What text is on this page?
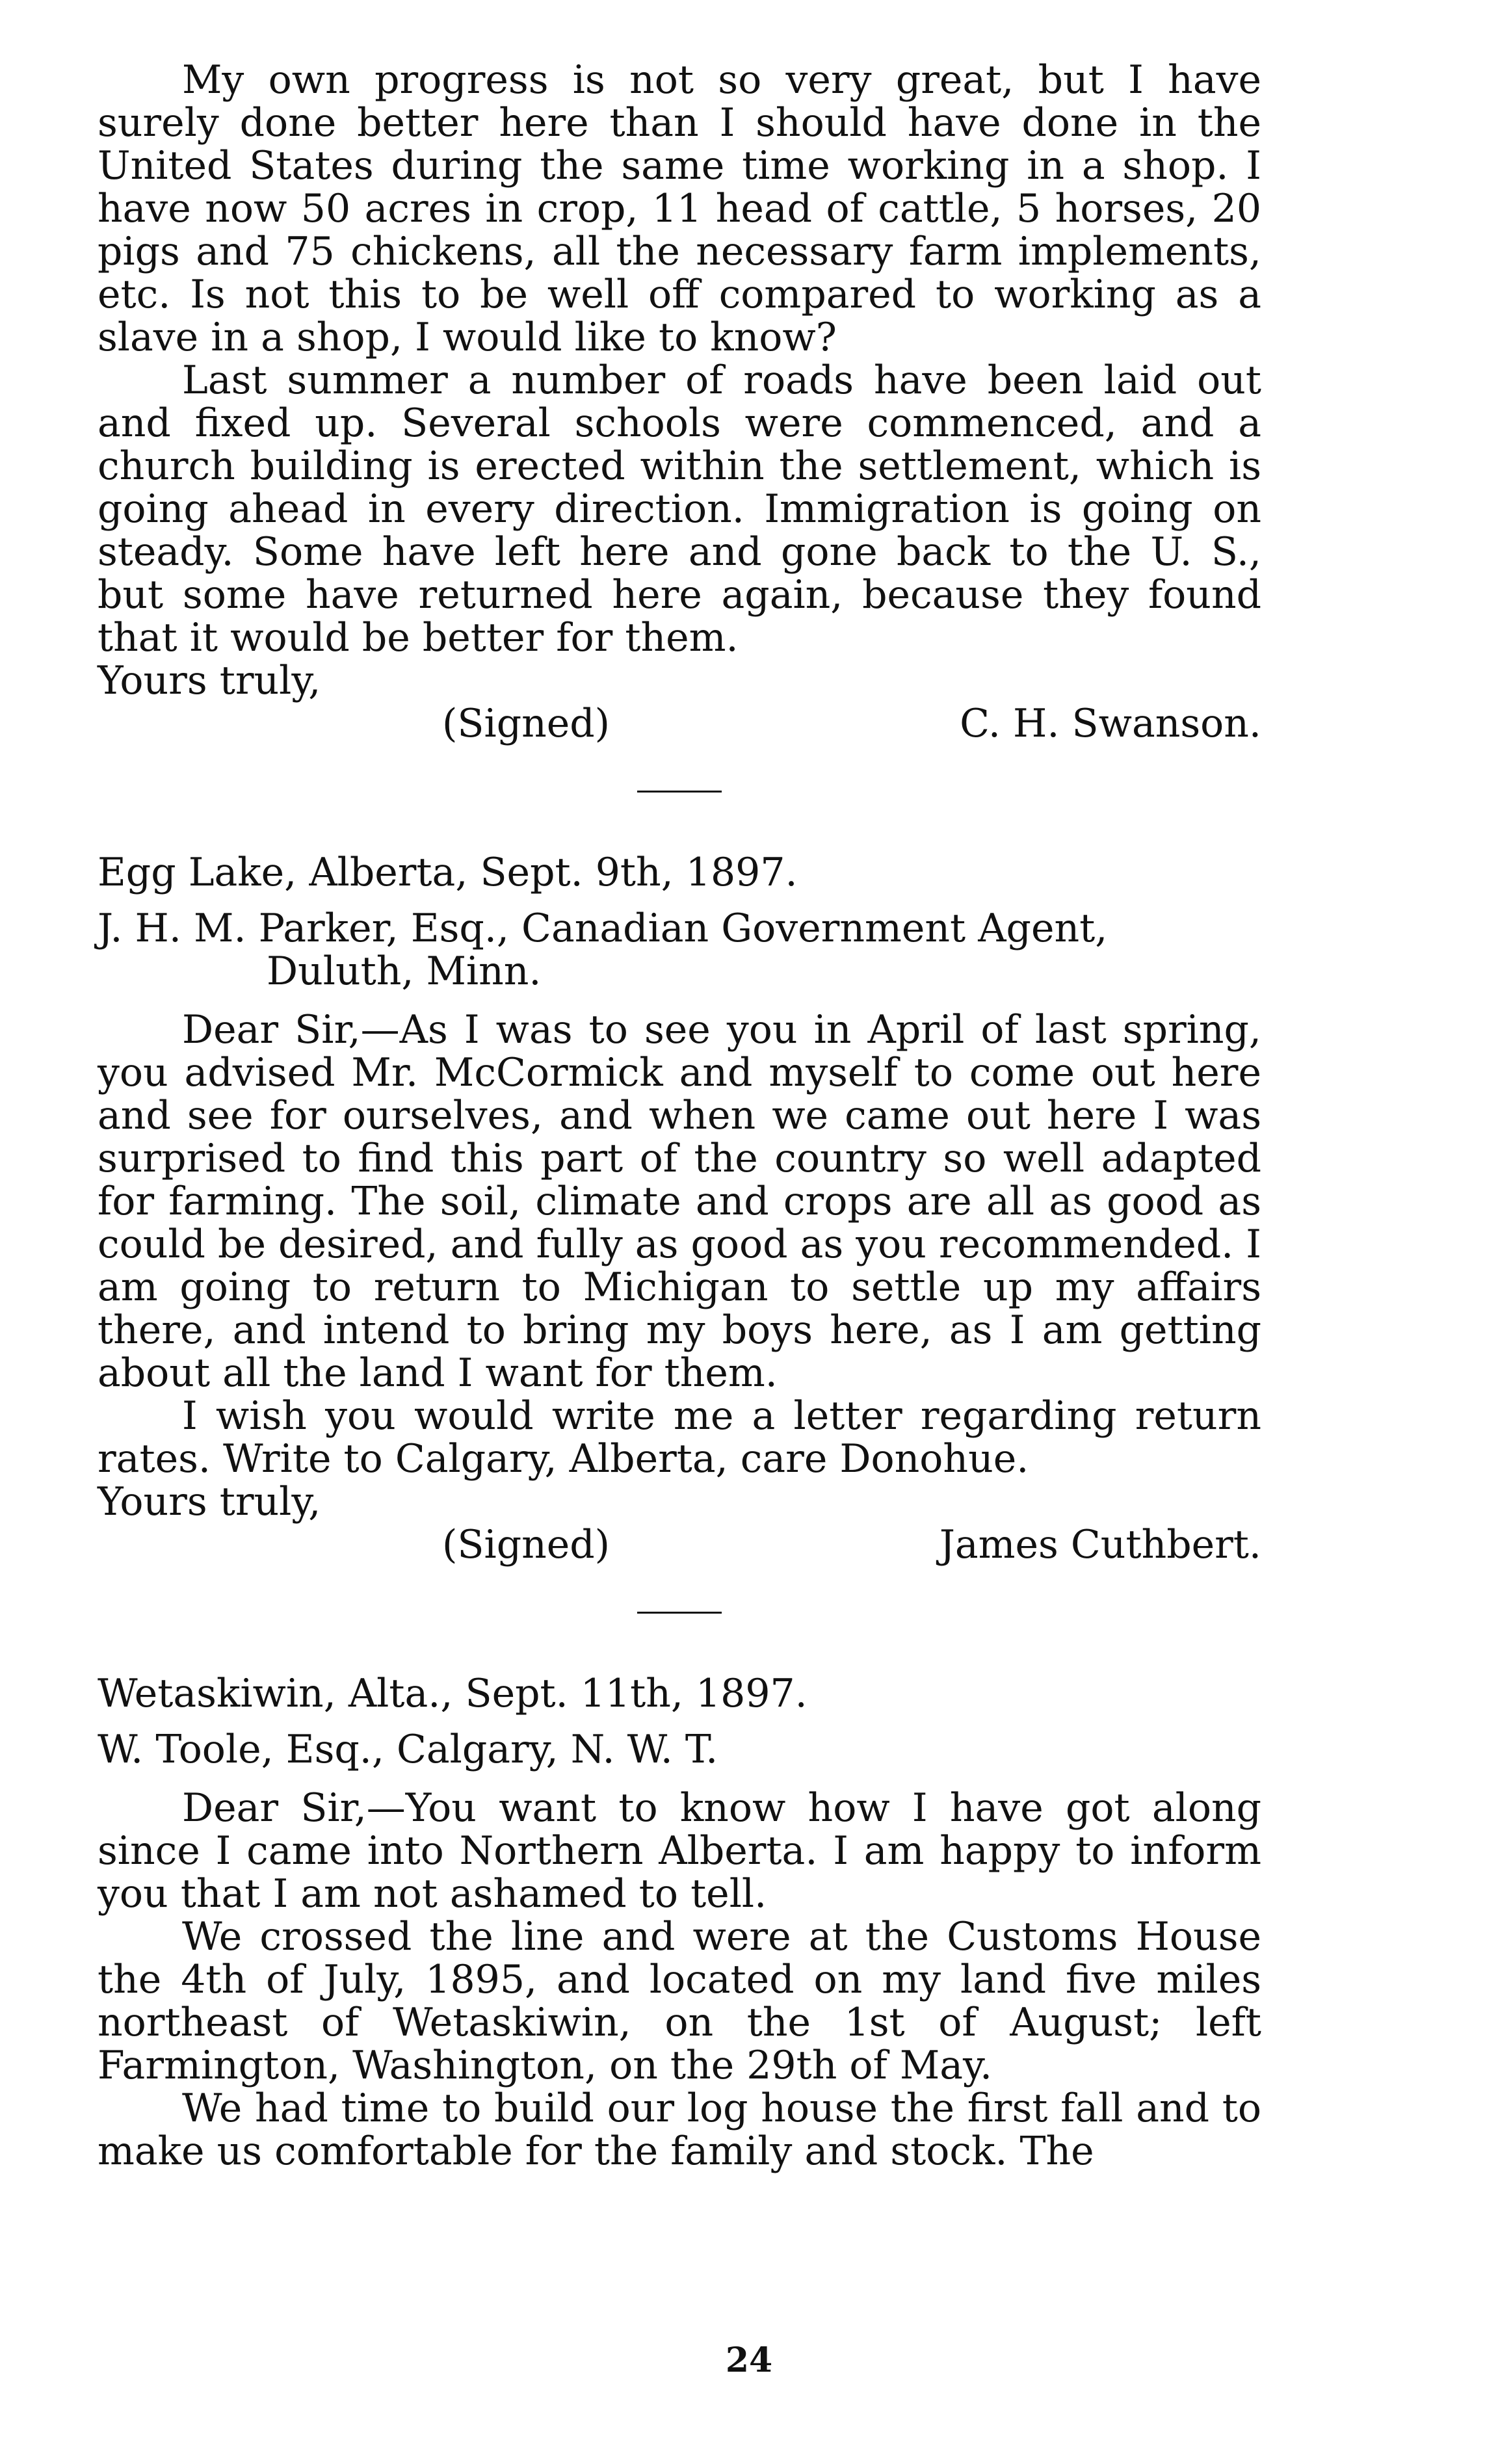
My own progress is not so very great, but I have surely done better here than I should have done in the United States during the same time working in a shop. I have now 50 acres in crop, 11 head of cattle, 5 horses, 20 pigs and 75 chickens, all the necessary farm implements, etc. Is not this to be well off compared to working as a slave in a shop, I would like to know?

Last summer a number of roads have been laid out and fixed up. Several schools were commenced, and a church building is erected within the settlement, which is going ahead in every direction. Immigration is going on steady. Some have left here and gone back to the U. S., but some have returned here again, because they found that it would be better for them.

Yours truly,

(Signed)	C. H. Swanson.

Egg Lake, Alberta, Sept. 9th, 1897.

J. H. M. Parker, Esq., Canadian Government Agent,

Duluth, Minn.

Dear Sir,—As I was to see you in April of last spring, you advised Mr. McCormick and myself to come out here and see for ourselves, and when we came out here I was surprised to find this part of the country so well adapted for farming. The soil, climate and crops are all as good as could be desired, and fully as good as you recommended. I am going to return to Michigan to settle up my affairs there, and intend to bring my boys here, as I am getting about all the land I want for them.

I wish you would write me a letter regarding return rates. Write to Calgary, Alberta, care Donohue.

Yours truly,

(Signed)	James Cuthbert.

Wetaskiwin, Alta., Sept. 11th, 1897.

W. Toole, Esq., Calgary, N. W. T.

Dear Sir,—You want to know how I have got along since I came into Northern Alberta. I am happy to inform you that I am not ashamed to tell.

We crossed the line and were at the Customs House the 4th of July, 1895, and located on my land five miles northeast of Wetaskiwin, on the 1st of August; left Farmington, Washington, on the 29th of May.

We had time to build our log house the first fall and to make us comfortable for the family and stock. The

24
